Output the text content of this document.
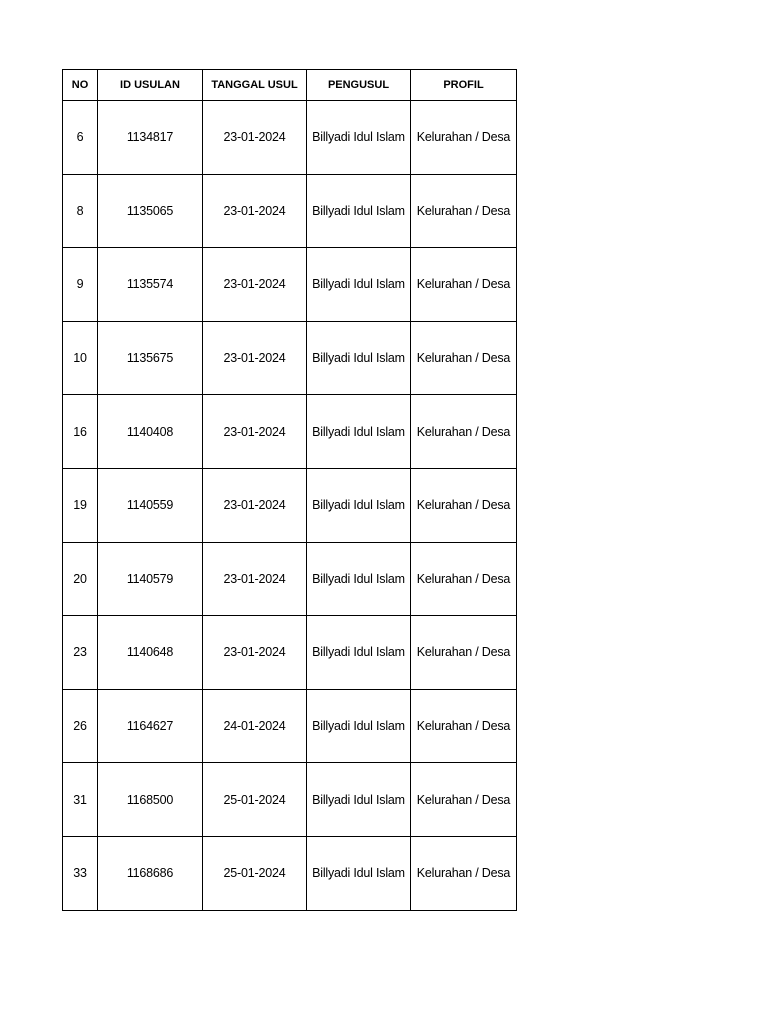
NO	ID USULAN	TANGGAL USUL	PENGUSUL	PROFIL
6	1134817	23-01-2024	Billyadi Idul Islam	Kelurahan / Desa
8	1135065	23-01-2024	Billyadi Idul Islam	Kelurahan / Desa
9	1135574	23-01-2024	Billyadi Idul Islam	Kelurahan / Desa
10	1135675	23-01-2024	Billyadi Idul Islam	Kelurahan / Desa
16	1140408	23-01-2024	Billyadi Idul Islam	Kelurahan / Desa
19	1140559	23-01-2024	Billyadi Idul Islam	Kelurahan / Desa
20	1140579	23-01-2024	Billyadi Idul Islam	Kelurahan / Desa
23	1140648	23-01-2024	Billyadi Idul Islam	Kelurahan / Desa
26	1164627	24-01-2024	Billyadi Idul Islam	Kelurahan / Desa
31	1168500	25-01-2024	Billyadi Idul Islam	Kelurahan / Desa
33	1168686	25-01-2024	Billyadi Idul Islam	Kelurahan / Desa
